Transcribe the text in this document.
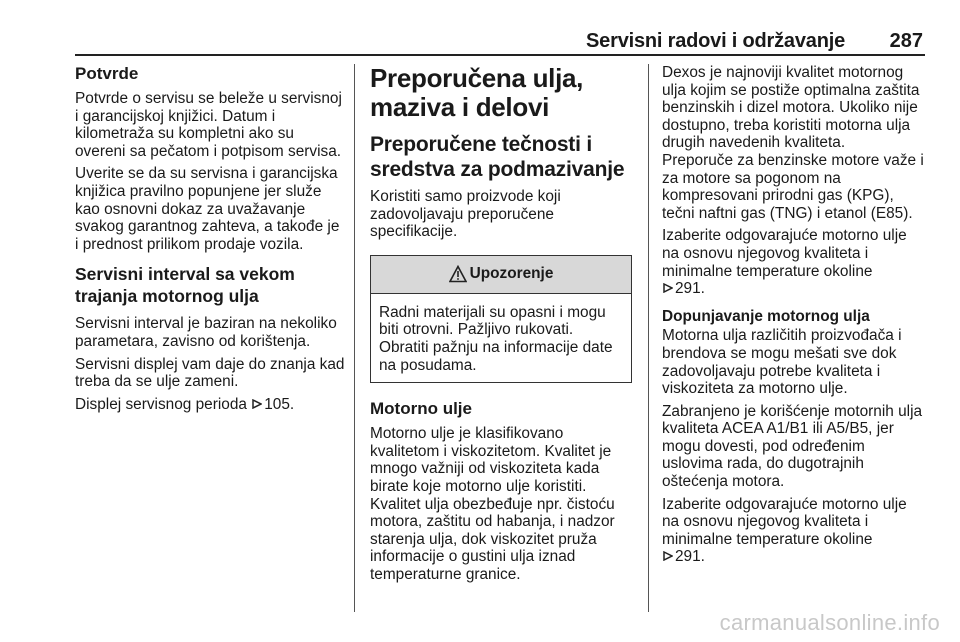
Servisni radovi i održavanje 287
Potvrde

Potvrde o servisu se beleže u servisnoj i garancijskoj knjižici. Datum i kilometraža su kompletni ako su overeni sa pečatom i potpisom servisa.

Uverite se da su servisna i garancijska knjižica pravilno popunjene jer služe kao osnovni dokaz za uvažavanje svakog garantnog zahteva, a takođe je i prednost prilikom prodaje vozila.

Servisni interval sa vekom trajanja motornog ulja

Servisni interval je baziran na nekoliko parametara, zavisno od korištenja.

Servisni displej vam daje do znanja kad treba da se ulje zameni.

Displej servisnog perioda 105.

Preporučena ulja, maziva i delovi
Preporučene tečnosti i sredstva za podmazivanje

Koristiti samo proizvode koji zadovoljavaju preporučene specifikacije.

Upozorenje

Radni materijali su opasni i mogu biti otrovni. Pažljivo rukovati. Obratiti pažnju na informacije date na posudama.

Motorno ulje

Motorno ulje je klasifikovano kvalitetom i viskozitetom. Kvalitet je mnogo važniji od viskoziteta kada birate koje motorno ulje koristiti. Kvalitet ulja obezbeđuje npr. čistoću motora, zaštitu od habanja, i nadzor starenja ulja, dok viskozitet pruža informacije o gustini ulja iznad temperaturne granice.

Dexos je najnoviji kvalitet motornog ulja kojim se postiže optimalna zaštita benzinskih i dizel motora. Ukoliko nije dostupno, treba koristiti motorna ulja drugih navedenih kvaliteta.

Preporuče za benzinske motore važe i za motore sa pogonom na kompresovani prirodni gas (KPG), tečni naftni gas (TNG) i etanol (E85).

Izaberite odgovarajuće motorno ulje na osnovu njegovog kvaliteta i minimalne temperature okoline
291.

Dopunjavanje motornog ulja

Motorna ulja različitih proizvođača i brendova se mogu mešati sve dok zadovoljavaju potrebe kvaliteta i viskoziteta za motorno ulje.

Zabranjeno je korišćenje motornih ulja kvaliteta ACEA A1/B1 ili A5/B5, jer mogu dovesti, pod određenim uslovima rada, do dugotrajnih oštećenja motora.

Izaberite odgovarajuće motorno ulje na osnovu njegovog kvaliteta i minimalne temperature okoline
291.

carmanualsonline.info
